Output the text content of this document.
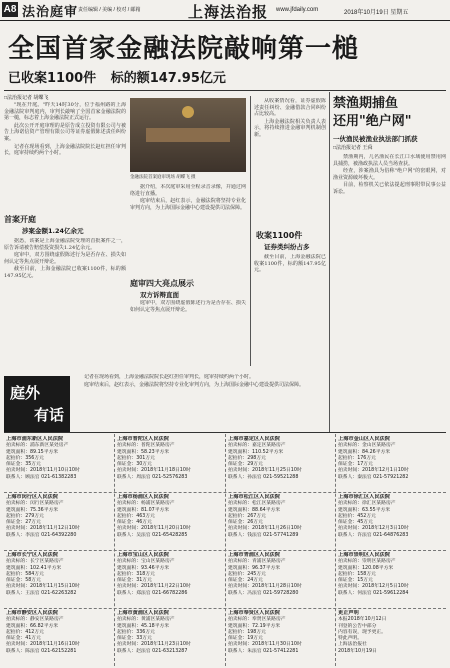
A8 法治庭审 责任编辑 / 美编 / 校对 / 邮箱	上海法治报 www.jfdaily.com	2018年10月19日 星期五
全国首家金融法院敲响第一槌
已收案1100件 标的额147.95亿元
□法治报记者 胡蝶飞

"现在开庭。"昨天14时30分，位于福州路的上海金融法院审判庭内，审判长敲响了全国首家金融法院的第一槌，标志着上海金融法院正式运行。

此次公开开庭审理的是原告成立投资有限公司与被告上海诺信资产管理有限公司等证券虚假陈述责任纠纷案。

记者在现场看到，上海金融法院院长赵红担任审判长，庭审持续约两个小时。

金融法院首案庭审现场 胡蝶飞 摄
首案开庭
涉案金额1.24亿余元

据悉，该案是上海金融法院受理的首批案件之一，原告诉请被告赔偿投资损失1.24亿余元。

庭审中，双方围绕虚假陈述行为是否存在、损失如何认定等焦点展开辩论。

截至目前，上海金融法院已收案1100件，标的额147.95亿元。

据介绍，本次庭审采用全程录音录像，并通过网络进行直播。

庭审结束后，赵红表示，金融法院将坚持专业化审判方向，为上海国际金融中心建设提供司法保障。

庭审四大亮点展示
双方诉辩直面

庭审中，双方围绕虚假陈述行为是否存在、损失如何认定等焦点展开辩论。

收案1100件
证券类纠纷占多

从收案情况看，证券虚假陈述责任纠纷、金融借款合同纠纷占比较高。

上海金融法院相关负责人表示，将持续推进金融审判机制创新。

截至目前，上海金融法院已收案1100件，标的额147.95亿元。

禁渔期捕鱼
还用"绝户网"
一伙渔民被渔业执法部门抓获
□法治报记者 王舜

禁渔期内，几名渔民在长江口水域使用禁用网具捕捞，被渔政执法人员当场查获。

经查，涉案渔具为俗称"绝户网"的密眼网，对渔业资源破坏极大。

目前，检察机关已依法提起刑事附带民事公益诉讼。

记者在现场看到，上海金融法院院长赵红担任审判长，庭审持续约两个小时。

庭审结束后，赵红表示，金融法院将坚持专业化审判方向，为上海国际金融中心建设提供司法保障。

庭外
有话
上海市浦东新区人民法院
拍卖标的：浦东新区某处房产
建筑面积：89.15平方米
起拍价：356万元
保证金：35万元
拍卖时间：2018年11月10日10时
联系人：顾法官 021-61382283
上海市闵行区人民法院
拍卖标的：闵行区某路房产
建筑面积：75.36平方米
起拍价：279万元
保证金：27万元
拍卖时间：2018年11月12日10时
联系人：李法官 021-64392280
上海市长宁区人民法院
拍卖标的：长宁区某路房产
建筑面积：102.41平方米
起拍价：584万元
保证金：58万元
拍卖时间：2018年11月15日10时
联系人：王法官 021-62263282
上海市静安区人民法院
拍卖标的：静安区某路房产
建筑面积：66.82平方米
起拍价：412万元
保证金：41万元
拍卖时间：2018年11月16日10时
联系人：陈法官 021-62152281
上海市普陀区人民法院
拍卖标的：普陀区某路房产
建筑面积：58.23平方米
起拍价：301万元
保证金：30万元
拍卖时间：2018年11月18日10时
联系人：周法官 021-52576283
上海市杨浦区人民法院
拍卖标的：杨浦区某路房产
建筑面积：81.07平方米
起拍价：463万元
保证金：46万元
拍卖时间：2018年11月20日10时
联系人：吴法官 021-65428285
上海市宝山区人民法院
拍卖标的：宝山区某路房产
建筑面积：93.46平方米
起拍价：318万元
保证金：31万元
拍卖时间：2018年11月22日10时
联系人：郑法官 021-66782286
上海市黄浦区人民法院
拍卖标的：黄浦区某路房产
建筑面积：45.18平方米
起拍价：336万元
保证金：33万元
拍卖时间：2018年11月23日10时
联系人：赵法官 021-63213287
上海市嘉定区人民法院
拍卖标的：嘉定区某路房产
建筑面积：110.52平方米
起拍价：298万元
保证金：29万元
拍卖时间：2018年11月25日10时
联系人：孙法官 021-59521288
上海市松江区人民法院
拍卖标的：松江区某路房产
建筑面积：88.64平方米
起拍价：267万元
保证金：26万元
拍卖时间：2018年11月26日10时
联系人：钱法官 021-57741289
上海市青浦区人民法院
拍卖标的：青浦区某路房产
建筑面积：96.37平方米
起拍价：245万元
保证金：24万元
拍卖时间：2018年11月28日10时
联系人：冯法官 021-59728280
上海市奉贤区人民法院
拍卖标的：奉贤区某路房产
建筑面积：72.19平方米
起拍价：198万元
保证金：19万元
拍卖时间：2018年11月30日10时
联系人：朱法官 021-57412281
上海市金山区人民法院
拍卖标的：金山区某路房产
建筑面积：84.26平方米
起拍价：176万元
保证金：17万元
拍卖时间：2018年12月1日10时
联系人：秦法官 021-57921282
上海市徐汇区人民法院
拍卖标的：徐汇区某路房产
建筑面积：63.55平方米
起拍价：452万元
保证金：45万元
拍卖时间：2018年12月3日10时
联系人：许法官 021-64876283
上海市崇明区人民法院
拍卖标的：崇明区某路房产
建筑面积：120.08平方米
起拍价：158万元
保证金：15万元
拍卖时间：2018年12月5日10时
联系人：何法官 021-59612284
更正声明
本报2018年10月12日
刊登的公告中部分
内容有误，现予更正。
特此声明。
上海法治报社
2018年10月19日
